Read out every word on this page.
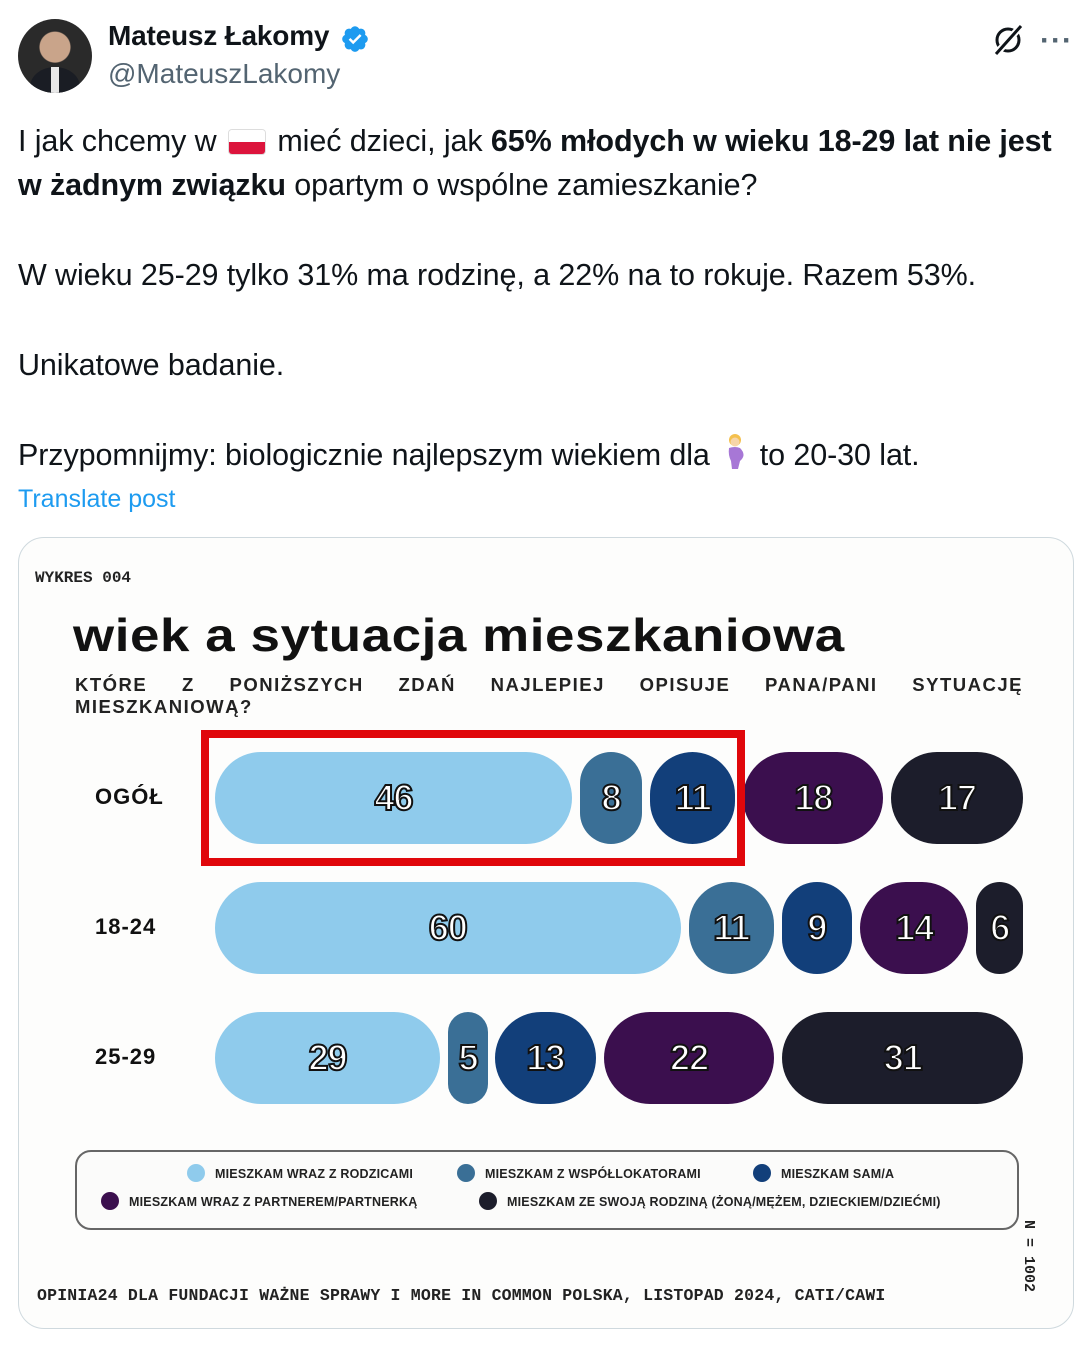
Mateusz Łakomy
@MateuszLakomy
···
I jak chcemy w mieć dzieci, jak 65% młodych w wieku 18-29 lat nie jest w żadnym związku opartym o wspólne zamieszkanie?
W wieku 25-29 tylko 31% ma rodzinę, a 22% na to rokuje. Razem 53%.
Unikatowe badanie.
Przypomnijmy: biologicznie najlepszym wiekiem dla to 20-30 lat.
Translate post
WYKRES 004
wiek a sytuacja mieszkaniowa
KTÓRE Z PONIŻSZYCH ZDAŃ NAJLEPIEJ OPISUJE PANA/PANI SYTUACJĘ
MIESZKANIOWĄ?
OGÓŁ	46	8	11	18	17
18-24	60	11	9	14	6
25-29	29	5	13	22	31
MIESZKAM WRAZ Z RODZICAMI	MIESZKAM Z WSPÓŁLOKATORAMI	MIESZKAM SAM/A
MIESZKAM WRAZ Z PARTNEREM/PARTNERKĄ	MIESZKAM ZE SWOJĄ RODZINĄ (ŻONĄ/MĘŻEM, DZIECKIEM/DZIEĆMI)
OPINIA24 DLA FUNDACJI WAŻNE SPRAWY I MORE IN COMMON POLSKA, LISTOPAD 2024, CATI/CAWI
N = 1002
